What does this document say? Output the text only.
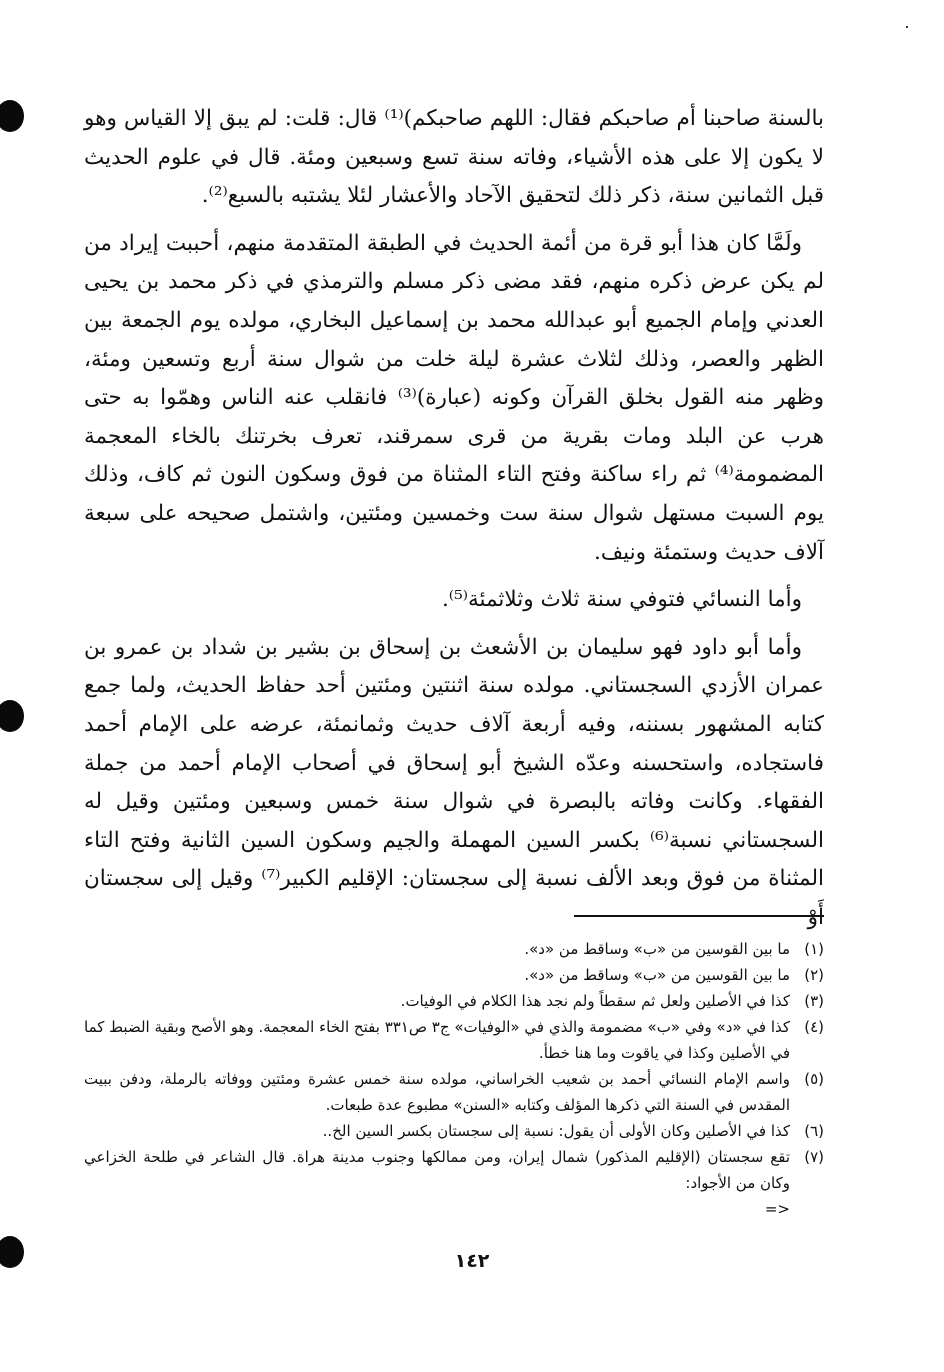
بالسنة صاحبنا أم صاحبكم فقال: اللهم صاحبكم)⁽¹⁾ قال: قلت: لم يبق إلا القياس وهو لا يكون إلا على هذه الأشياء، وفاته سنة تسع وسبعين ومئة. قال في علوم الحديث قبل الثمانين سنة، ذكر ذلك لتحقيق الآحاد والأعشار لئلا يشتبه بالسبع⁽²⁾.

ولَمَّا كان هذا أبو قرة من أئمة الحديث في الطبقة المتقدمة منهم، أحببت إيراد من لم يكن عرض ذكره منهم، فقد مضى ذكر مسلم والترمذي في ذكر محمد بن يحيى العدني وإمام الجميع أبو عبدالله محمد بن إسماعيل البخاري، مولده يوم الجمعة بين الظهر والعصر، وذلك لثلاث عشرة ليلة خلت من شوال سنة أربع وتسعين ومئة، وظهر منه القول بخلق القرآن وكونه (عبارة)⁽³⁾ فانقلب عنه الناس وهمّوا به حتى هرب عن البلد ومات بقرية من قرى سمرقند، تعرف بخرتنك بالخاء المعجمة المضمومة⁽⁴⁾ ثم راء ساكنة وفتح التاء المثناة من فوق وسكون النون ثم كاف، وذلك يوم السبت مستهل شوال سنة ست وخمسين ومئتين، واشتمل صحيحه على سبعة آلاف حديث وستمئة ونيف.

وأما النسائي فتوفي سنة ثلاث وثلاثمئة⁽⁵⁾.

وأما أبو داود فهو سليمان بن الأشعث بن إسحاق بن بشير بن شداد بن عمرو بن عمران الأزدي السجستاني. مولده سنة اثنتين ومئتين أحد حفاظ الحديث، ولما جمع كتابه المشهور بسننه، وفيه أربعة آلاف حديث وثمانمئة، عرضه على الإمام أحمد فاستجاده، واستحسنه وعدّه الشيخ أبو إسحاق في أصحاب الإمام أحمد من جملة الفقهاء. وكانت وفاته بالبصرة في شوال سنة خمس وسبعين ومئتين وقيل له السجستاني نسبة⁽⁶⁾ بكسر السين المهملة والجيم وسكون السين الثانية وفتح التاء المثناة من فوق وبعد الألف نسبة إلى سجستان: الإقليم الكبير⁽⁷⁾ وقيل إلى سجستان أَوْ

(١)
ما بين القوسين من «ب» وساقط من «د».
(٢)
ما بين القوسين من «ب» وساقط من «د».
(٣)
كذا في الأصلين ولعل ثم سقطاً ولم نجد هذا الكلام في الوفيات.
(٤)
كذا في «د» وفي «ب» مضمومة والذي في «الوفيات» ج٣ ص٣٣١ بفتح الخاء المعجمة. وهو الأصح وبقية الضبط كما في الأصلين وكذا في ياقوت وما هنا خطأ.
(٥)
واسم الإمام النسائي أحمد بن شعيب الخراساني، مولده سنة خمس عشرة ومئتين ووفاته بالرملة، ودفن ببيت المقدس في السنة التي ذكرها المؤلف وكتابه «السنن» مطبوع عدة طبعات.
(٦)
كذا في الأصلين وكان الأولى أن يقول: نسبة إلى سجستان بكسر السين الخ..
(٧)
تقع سجستان (الإقليم المذكور) شمال إيران، ومن ممالكها وجنوب مدينة هراة. قال الشاعر في طلحة الخزاعي وكان من الأجواد:
=>
١٤٢
